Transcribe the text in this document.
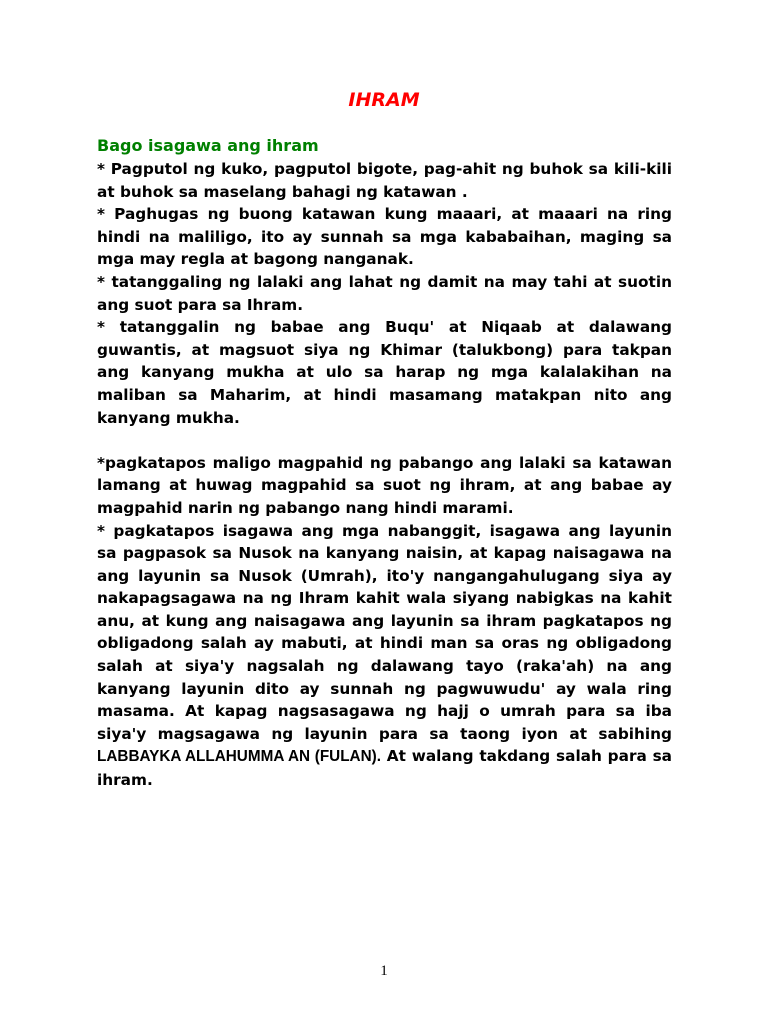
IHRAM
Bago isagawa ang ihram

* Pagputol ng kuko, pagputol bigote, pag-ahit ng buhok sa kili-kili at buhok sa maselang bahagi ng katawan .

* Paghugas ng buong katawan kung maaari, at maaari na ring hindi na maliligo, ito ay sunnah sa mga kababaihan, maging sa mga may regla at bagong nanganak.

* tatanggaling ng lalaki ang lahat ng damit na may tahi at suotin ang suot para sa Ihram.

* tatanggalin ng babae ang Buqu' at Niqaab at dalawang guwantis, at magsuot siya ng Khimar (talukbong) para takpan ang kanyang mukha at ulo sa harap ng mga kalalakihan na maliban sa Maharim, at hindi masamang matakpan nito ang kanyang mukha.

*pagkatapos maligo magpahid ng pabango ang lalaki sa katawan lamang at huwag magpahid sa suot ng ihram, at ang babae ay magpahid narin ng pabango nang hindi marami.

* pagkatapos isagawa ang mga nabanggit, isagawa ang layunin sa pagpasok sa Nusok na kanyang naisin, at kapag naisagawa na ang layunin sa Nusok (Umrah), ito'y nangangahulugang siya ay nakapagsagawa na ng Ihram kahit wala siyang nabigkas na kahit anu, at kung ang naisagawa ang layunin sa ihram pagkatapos ng obligadong salah ay mabuti, at hindi man sa oras ng obligadong salah at siya'y nagsalah ng dalawang tayo (raka'ah) na ang kanyang layunin dito ay sunnah ng pagwuwudu' ay wala ring masama. At kapag nagsasagawa ng hajj o umrah para sa iba siya'y magsagawa ng layunin para sa taong iyon at sabihing LABBAYKA ALLAHUMMA AN (FULAN). At walang takdang salah para sa ihram.

1
